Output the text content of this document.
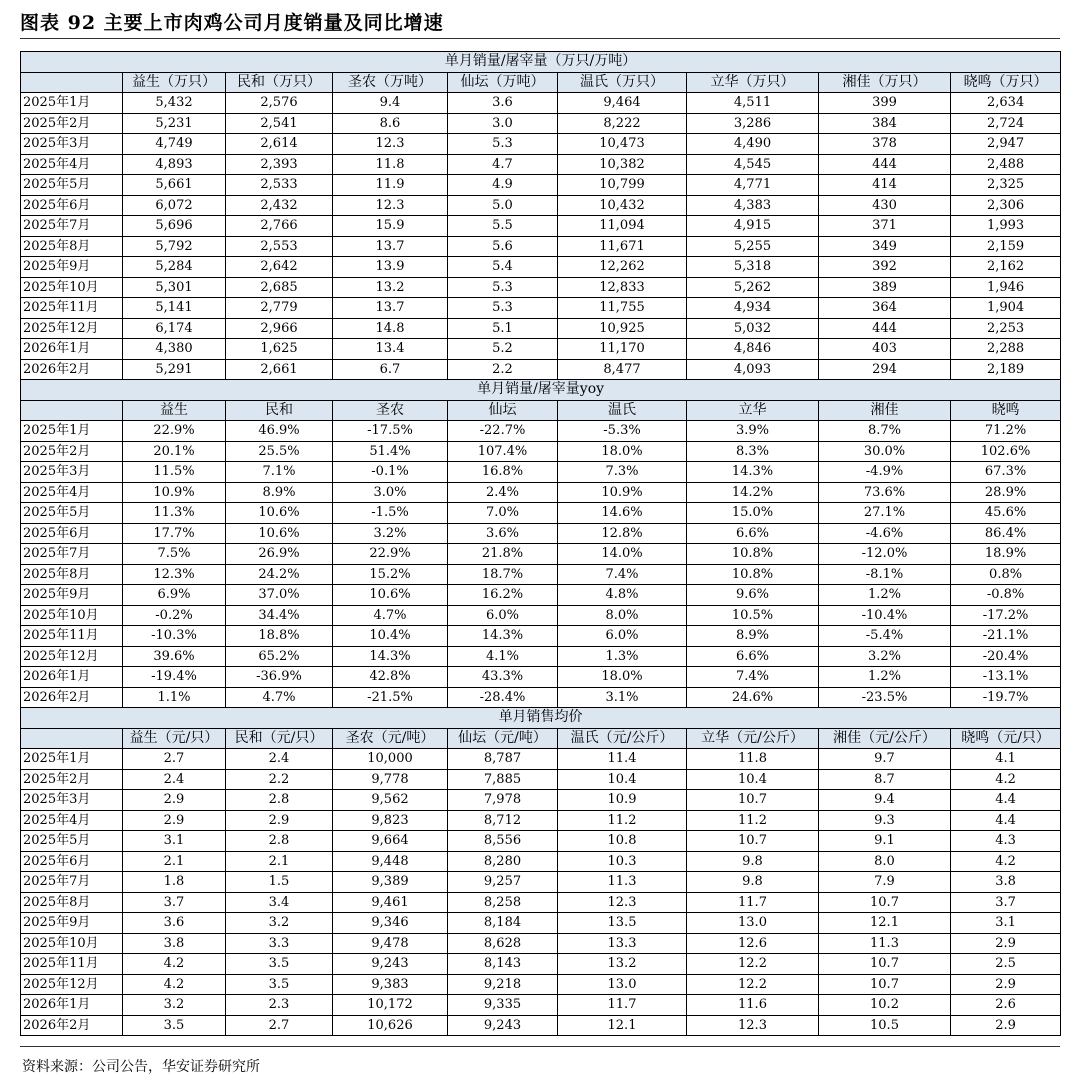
图表 92 主要上市肉鸡公司月度销量及同比增速
单月销量/屠宰量（万只/万吨）								
	益生（万只）	民和（万只）	圣农（万吨）	仙坛（万吨）	温氏（万只）	立华（万只）	湘佳（万只）	晓鸣（万只）
2025年1月	5,432	2,576	9.4	3.6	9,464	4,511	399	2,634
2025年2月	5,231	2,541	8.6	3.0	8,222	3,286	384	2,724
2025年3月	4,749	2,614	12.3	5.3	10,473	4,490	378	2,947
2025年4月	4,893	2,393	11.8	4.7	10,382	4,545	444	2,488
2025年5月	5,661	2,533	11.9	4.9	10,799	4,771	414	2,325
2025年6月	6,072	2,432	12.3	5.0	10,432	4,383	430	2,306
2025年7月	5,696	2,766	15.9	5.5	11,094	4,915	371	1,993
2025年8月	5,792	2,553	13.7	5.6	11,671	5,255	349	2,159
2025年9月	5,284	2,642	13.9	5.4	12,262	5,318	392	2,162
2025年10月	5,301	2,685	13.2	5.3	12,833	5,262	389	1,946
2025年11月	5,141	2,779	13.7	5.3	11,755	4,934	364	1,904
2025年12月	6,174	2,966	14.8	5.1	10,925	5,032	444	2,253
2026年1月	4,380	1,625	13.4	5.2	11,170	4,846	403	2,288
2026年2月	5,291	2,661	6.7	2.2	8,477	4,093	294	2,189
单月销量/屠宰量yoy								
	益生	民和	圣农	仙坛	温氏	立华	湘佳	晓鸣
2025年1月	22.9%	46.9%	-17.5%	-22.7%	-5.3%	3.9%	8.7%	71.2%
2025年2月	20.1%	25.5%	51.4%	107.4%	18.0%	8.3%	30.0%	102.6%
2025年3月	11.5%	7.1%	-0.1%	16.8%	7.3%	14.3%	-4.9%	67.3%
2025年4月	10.9%	8.9%	3.0%	2.4%	10.9%	14.2%	73.6%	28.9%
2025年5月	11.3%	10.6%	-1.5%	7.0%	14.6%	15.0%	27.1%	45.6%
2025年6月	17.7%	10.6%	3.2%	3.6%	12.8%	6.6%	-4.6%	86.4%
2025年7月	7.5%	26.9%	22.9%	21.8%	14.0%	10.8%	-12.0%	18.9%
2025年8月	12.3%	24.2%	15.2%	18.7%	7.4%	10.8%	-8.1%	0.8%
2025年9月	6.9%	37.0%	10.6%	16.2%	4.8%	9.6%	1.2%	-0.8%
2025年10月	-0.2%	34.4%	4.7%	6.0%	8.0%	10.5%	-10.4%	-17.2%
2025年11月	-10.3%	18.8%	10.4%	14.3%	6.0%	8.9%	-5.4%	-21.1%
2025年12月	39.6%	65.2%	14.3%	4.1%	1.3%	6.6%	3.2%	-20.4%
2026年1月	-19.4%	-36.9%	42.8%	43.3%	18.0%	7.4%	1.2%	-13.1%
2026年2月	1.1%	4.7%	-21.5%	-28.4%	3.1%	24.6%	-23.5%	-19.7%
单月销售均价								
	益生（元/只）	民和（元/只）	圣农（元/吨）	仙坛（元/吨）	温氏（元/公斤）	立华（元/公斤）	湘佳（元/公斤）	晓鸣（元/只）
2025年1月	2.7	2.4	10,000	8,787	11.4	11.8	9.7	4.1
2025年2月	2.4	2.2	9,778	7,885	10.4	10.4	8.7	4.2
2025年3月	2.9	2.8	9,562	7,978	10.9	10.7	9.4	4.4
2025年4月	2.9	2.9	9,823	8,712	11.2	11.2	9.3	4.4
2025年5月	3.1	2.8	9,664	8,556	10.8	10.7	9.1	4.3
2025年6月	2.1	2.1	9,448	8,280	10.3	9.8	8.0	4.2
2025年7月	1.8	1.5	9,389	9,257	11.3	9.8	7.9	3.8
2025年8月	3.7	3.4	9,461	8,258	12.3	11.7	10.7	3.7
2025年9月	3.6	3.2	9,346	8,184	13.5	13.0	12.1	3.1
2025年10月	3.8	3.3	9,478	8,628	13.3	12.6	11.3	2.9
2025年11月	4.2	3.5	9,243	8,143	13.2	12.2	10.7	2.5
2025年12月	4.2	3.5	9,383	9,218	13.0	12.2	10.7	2.9
2026年1月	3.2	2.3	10,172	9,335	11.7	11.6	10.2	2.6
2026年2月	3.5	2.7	10,626	9,243	12.1	12.3	10.5	2.9
资料来源：公司公告，华安证券研究所
